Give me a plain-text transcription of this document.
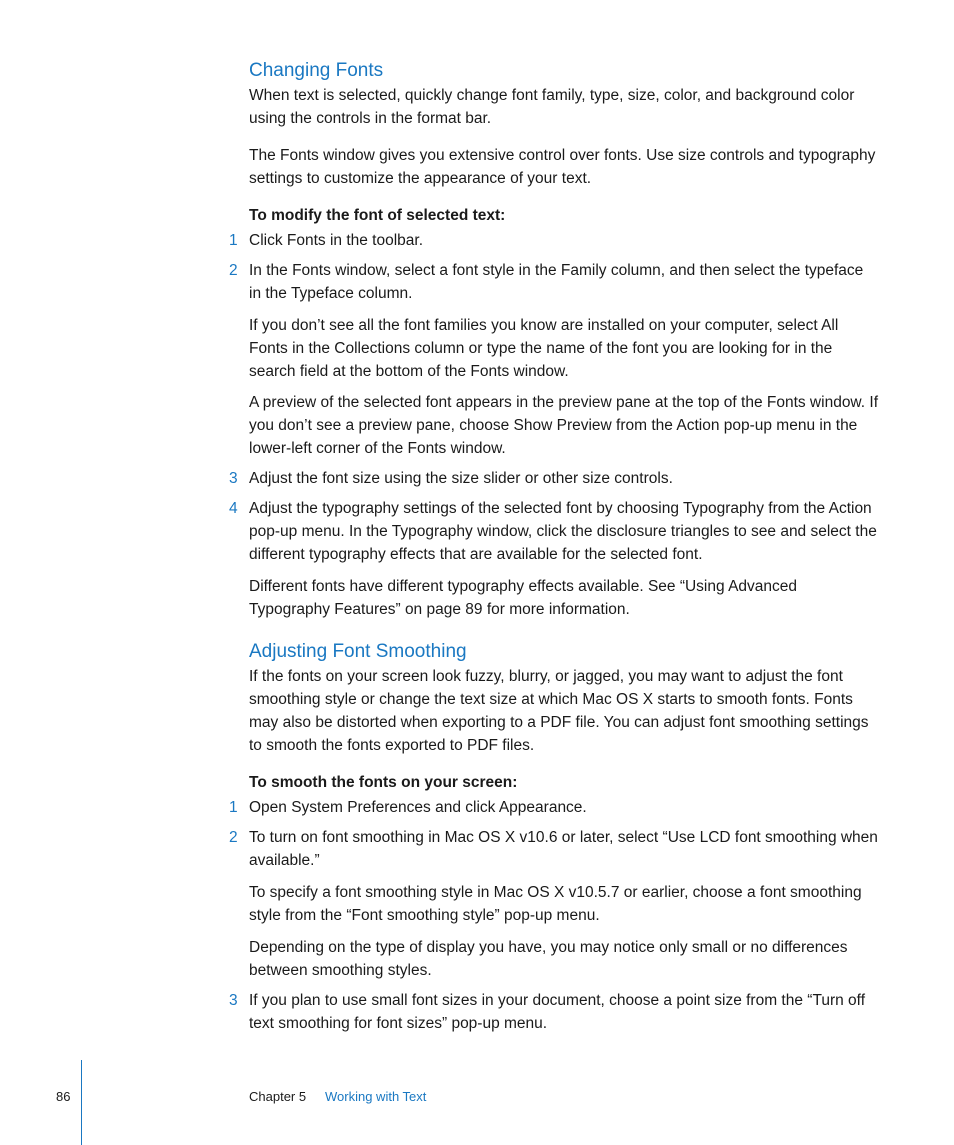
Changing Fonts

When text is selected, quickly change font family, type, size, color, and background color using the controls in the format bar.

The Fonts window gives you extensive control over fonts. Use size controls and typography settings to customize the appearance of your text.

To modify the font of selected text:

1 Click Fonts in the toolbar.

2 In the Fonts window, select a font style in the Family column, and then select the typeface in the Typeface column.

If you don’t see all the font families you know are installed on your computer, select All Fonts in the Collections column or type the name of the font you are looking for in the search field at the bottom of the Fonts window.

A preview of the selected font appears in the preview pane at the top of the Fonts window. If you don’t see a preview pane, choose Show Preview from the Action pop-up menu in the lower-left corner of the Fonts window.

3 Adjust the font size using the size slider or other size controls.

4 Adjust the typography settings of the selected font by choosing Typography from the Action pop-up menu. In the Typography window, click the disclosure triangles to see and select the different typography effects that are available for the selected font.

Different fonts have different typography effects available. See “Using Advanced Typography Features” on page 89 for more information.

Adjusting Font Smoothing

If the fonts on your screen look fuzzy, blurry, or jagged, you may want to adjust the font smoothing style or change the text size at which Mac OS X starts to smooth fonts. Fonts may also be distorted when exporting to a PDF file. You can adjust font smoothing settings to smooth the fonts exported to PDF files.

To smooth the fonts on your screen:

1 Open System Preferences and click Appearance.

2 To turn on font smoothing in Mac OS X v10.6 or later, select “Use LCD font smoothing when available.”

To specify a font smoothing style in Mac OS X v10.5.7 or earlier, choose a font smoothing style from the “Font smoothing style” pop-up menu.

Depending on the type of display you have, you may notice only small or no differences between smoothing styles.

3 If you plan to use small font sizes in your document, choose a point size from the “Turn off text smoothing for font sizes” pop-up menu.

86	Chapter 5 Working with Text
